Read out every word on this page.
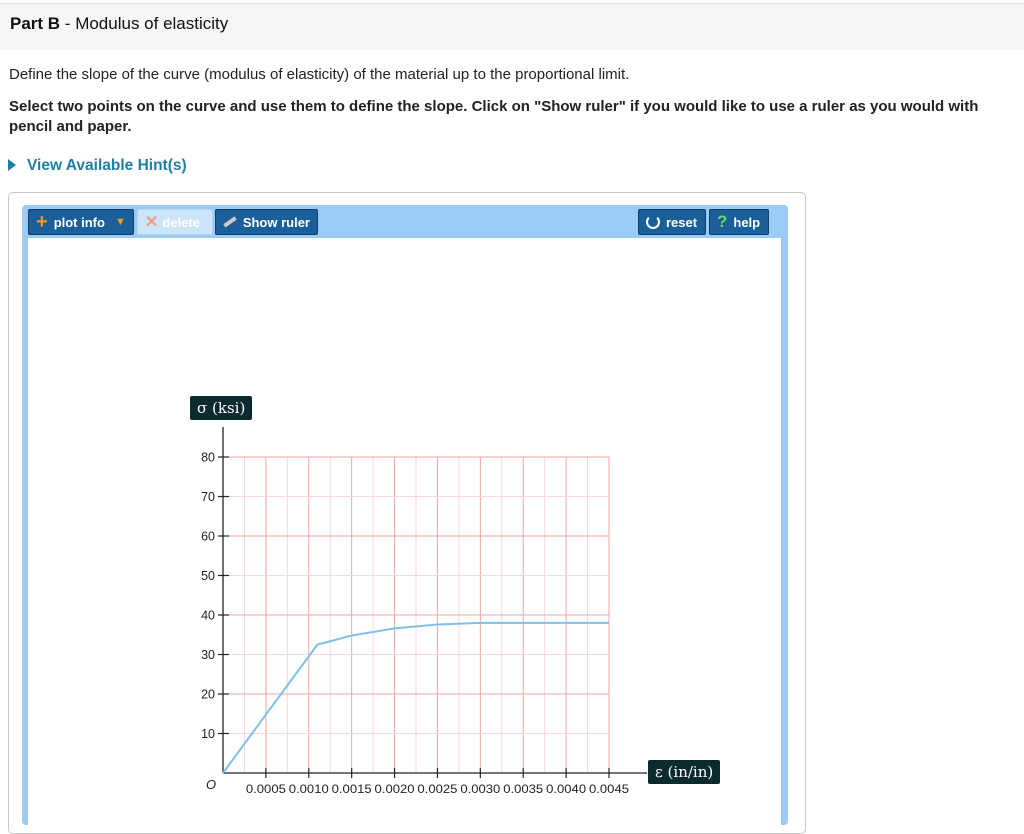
Part B - Modulus of elasticity
Define the slope of the curve (modulus of elasticity) of the material up to the proportional limit.
Select two points on the curve and use them to define the slope. Click on "Show ruler" if you would like to use a ruler as you would with pencil and paper.
View Available Hint(s)
+ plot info ▼ ✕ delete	Show ruler	reset ? help
σ (ksi)
ε (in/in)
O
10
20
30
40
50
60
70
80
0.0005 0.0010 0.0015 0.0020 0.0025 0.0030 0.0035 0.0040 0.0045
